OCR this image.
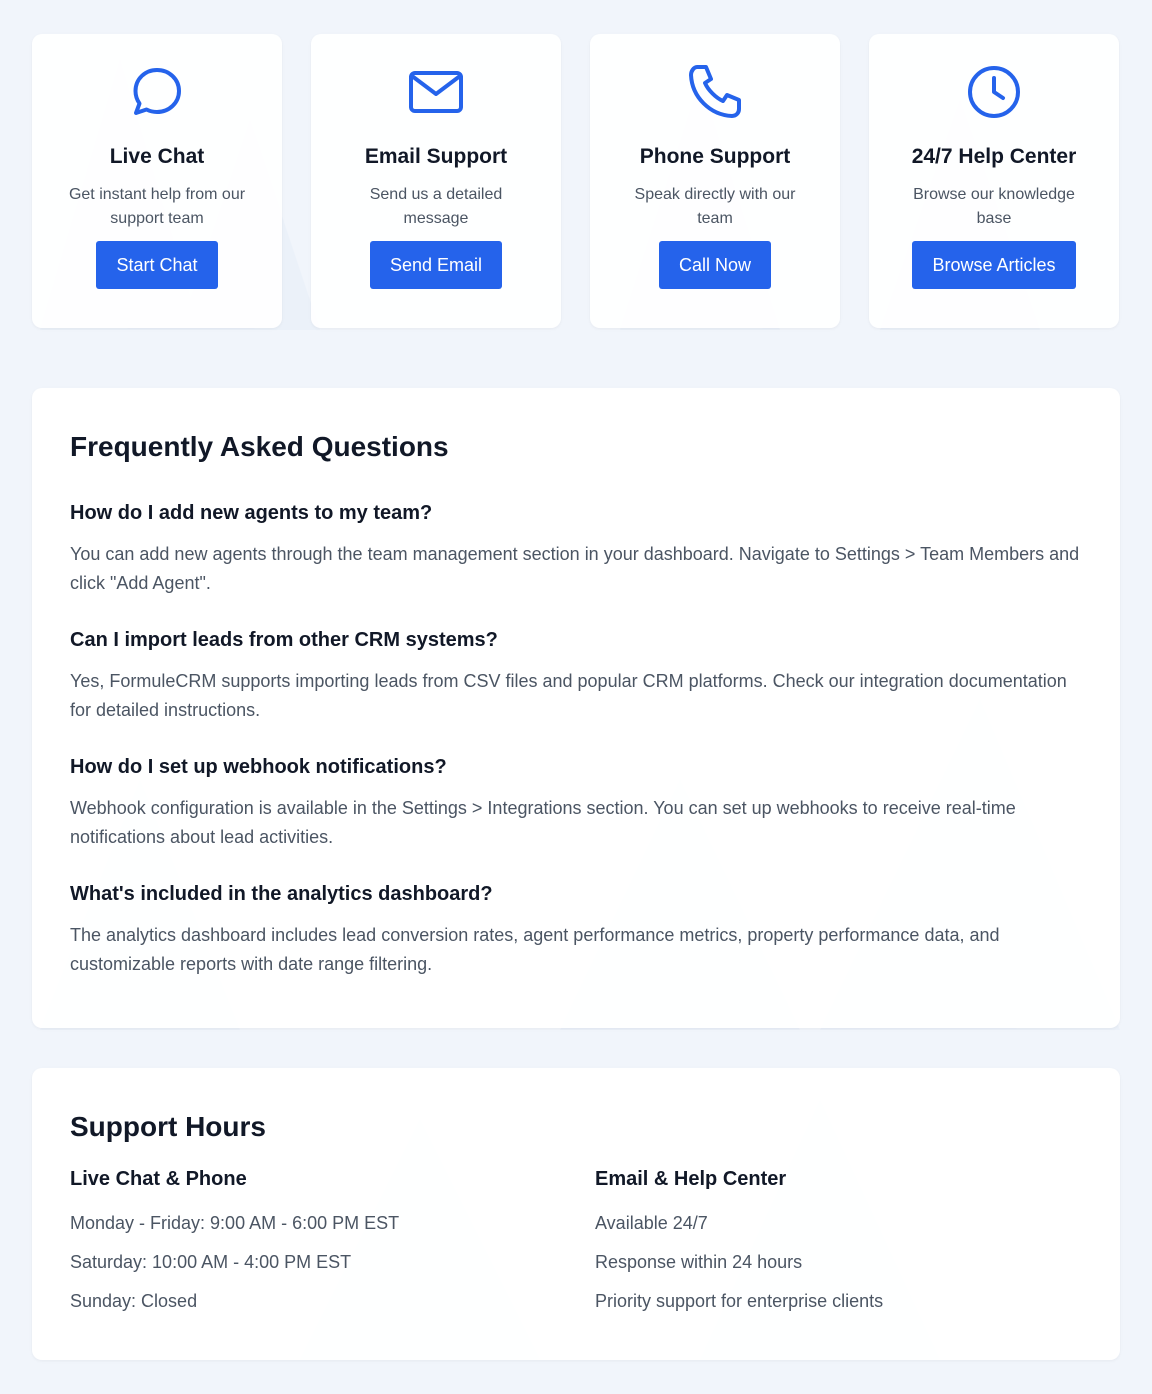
Live Chat

Get instant help from our support team

Start Chat
Email Support

Send us a detailed message

Send Email
Phone Support

Speak directly with our team

Call Now
24/7 Help Center

Browse our knowledge base

Browse Articles
Frequently Asked Questions
How do I add new agents to my team?

You can add new agents through the team management section in your dashboard. Navigate to Settings > Team Members and click "Add Agent".

Can I import leads from other CRM systems?

Yes, FormuleCRM supports importing leads from CSV files and popular CRM platforms. Check our integration documentation for detailed instructions.

How do I set up webhook notifications?

Webhook configuration is available in the Settings > Integrations section. You can set up webhooks to receive real-time notifications about lead activities.

What's included in the analytics dashboard?

The analytics dashboard includes lead conversion rates, agent performance metrics, property performance data, and customizable reports with date range filtering.

Support Hours
Live Chat & Phone
Monday - Friday: 9:00 AM - 6:00 PM EST
Saturday: 10:00 AM - 4:00 PM EST
Sunday: Closed
Email & Help Center
Available 24/7
Response within 24 hours
Priority support for enterprise clients
